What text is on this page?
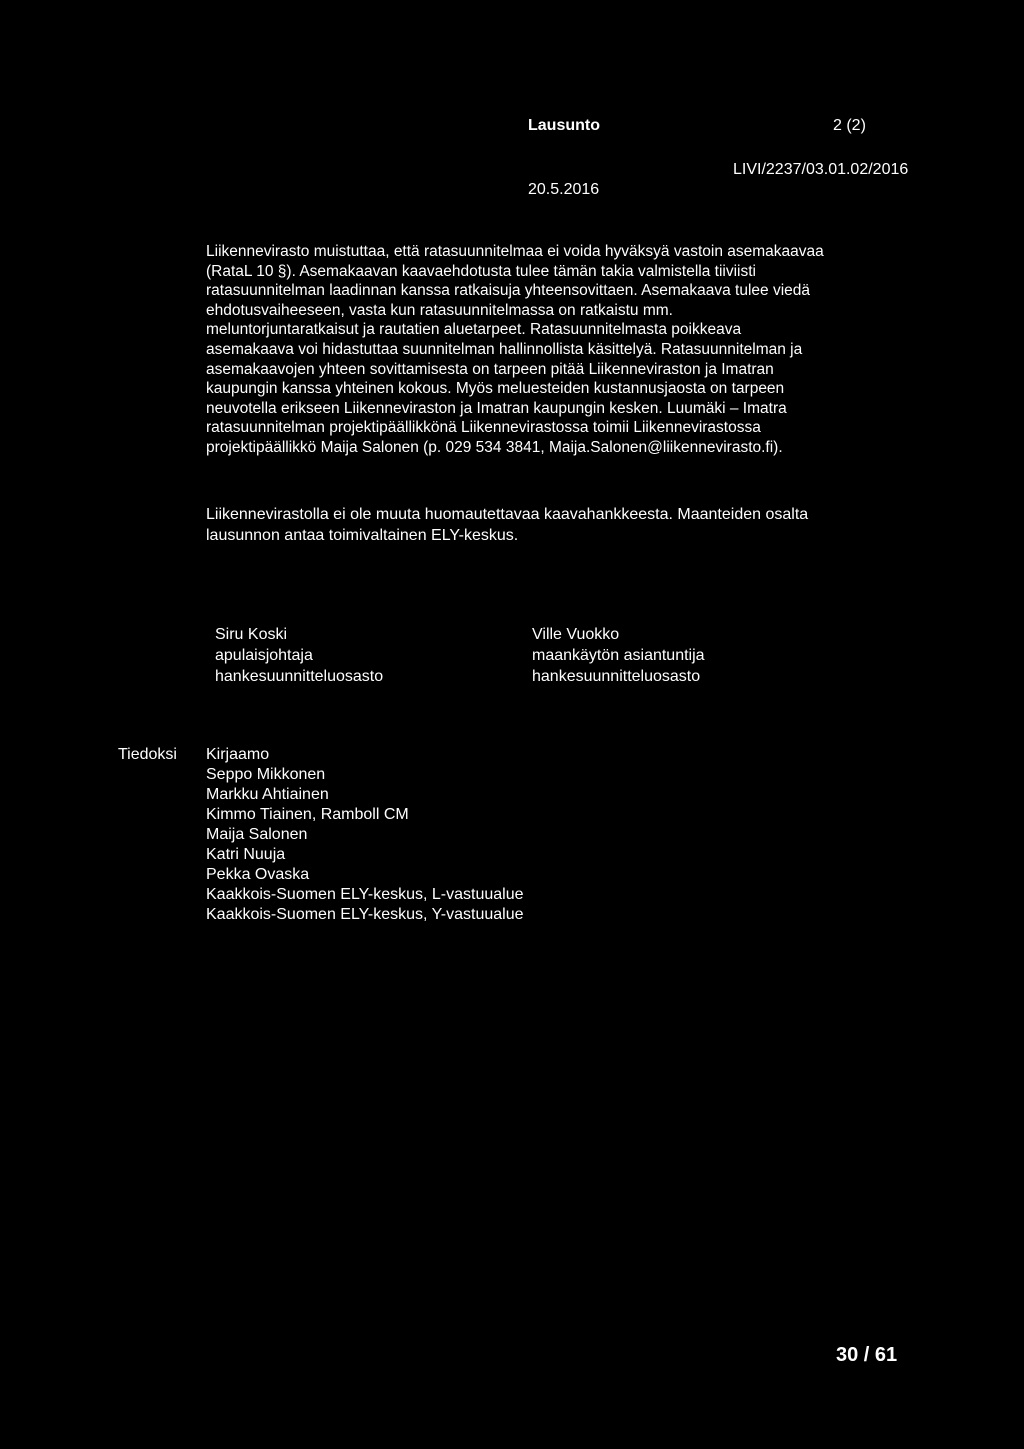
Lausunto	2 (2)
LIVI/2237/03.01.02/2016
20.5.2016
Liikennevirasto muistuttaa, että ratasuunnitelmaa ei voida hyväksyä vastoin asemakaavaa
(RataL 10 §). Asemakaavan kaavaehdotusta tulee tämän takia valmistella tiiviisti
ratasuunnitelman laadinnan kanssa ratkaisuja yhteensovittaen. Asemakaava tulee viedä
ehdotusvaiheeseen, vasta kun ratasuunnitelmassa on ratkaistu mm.
meluntorjuntaratkaisut ja rautatien aluetarpeet. Ratasuunnitelmasta poikkeava
asemakaava voi hidastuttaa suunnitelman hallinnollista käsittelyä. Ratasuunnitelman ja
asemakaavojen yhteen sovittamisesta on tarpeen pitää Liikenneviraston ja Imatran
kaupungin kanssa yhteinen kokous. Myös meluesteiden kustannusjaosta on tarpeen
neuvotella erikseen Liikenneviraston ja Imatran kaupungin kesken. Luumäki – Imatra
ratasuunnitelman projektipäällikkönä Liikennevirastossa toimii Liikennevirastossa
projektipäällikkö Maija Salonen (p. 029 534 3841, Maija.Salonen@liikennevirasto.fi).
Liikennevirastolla ei ole muuta huomautettavaa kaavahankkeesta. Maanteiden osalta
lausunnon antaa toimivaltainen ELY-keskus.
Siru Koski
apulaisjohtaja
hankesuunnitteluosasto
Ville Vuokko
maankäytön asiantuntija
hankesuunnitteluosasto
Tiedoksi Kirjaamo
Seppo Mikkonen
Markku Ahtiainen
Kimmo Tiainen, Ramboll CM
Maija Salonen
Katri Nuuja
Pekka Ovaska
Kaakkois-Suomen ELY-keskus, L-vastuualue
Kaakkois-Suomen ELY-keskus, Y-vastuualue
30 / 61
